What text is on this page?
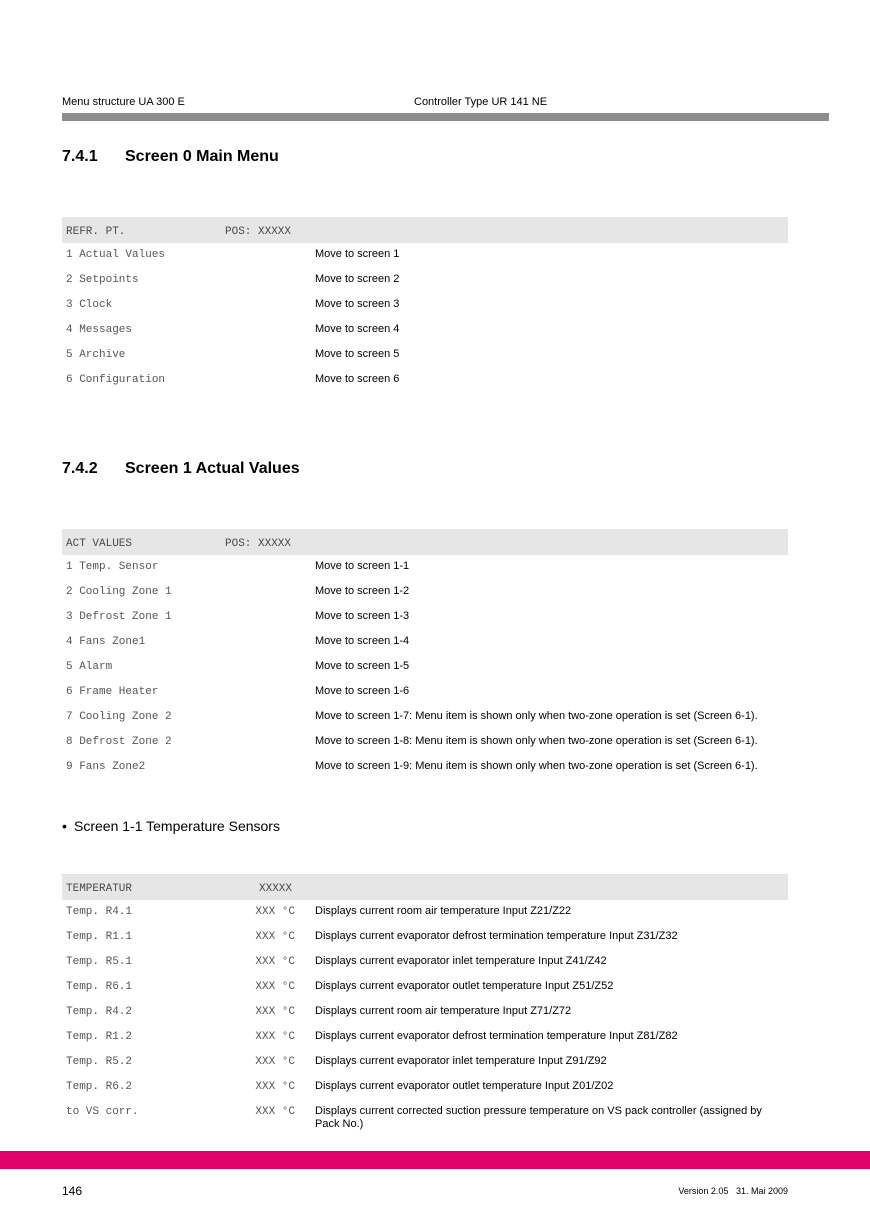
Menu structure UA 300 E	Controller Type UR 141 NE
7.4.1 Screen 0 Main Menu
REFR. PT.	POS: XXXXX
1 Actual Values	Move to screen 1
2 Setpoints	Move to screen 2
3 Clock	Move to screen 3
4 Messages	Move to screen 4
5 Archive	Move to screen 5
6 Configuration	Move to screen 6
7.4.2 Screen 1 Actual Values
ACT VALUES	POS: XXXXX
1 Temp. Sensor	Move to screen 1-1
2 Cooling Zone 1	Move to screen 1-2
3 Defrost Zone 1	Move to screen 1-3
4 Fans Zone1	Move to screen 1-4
5 Alarm	Move to screen 1-5
6 Frame Heater	Move to screen 1-6
7 Cooling Zone 2	Move to screen 1-7: Menu item is shown only when two-zone operation is set (Screen 6-1).
8 Defrost Zone 2	Move to screen 1-8: Menu item is shown only when two-zone operation is set (Screen 6-1).
9 Fans Zone2	Move to screen 1-9: Menu item is shown only when two-zone operation is set (Screen 6-1).
• Screen 1-1 Temperature Sensors
TEMPERATUR	XXXXX
Temp. R4.1	XXX °C Displays current room air temperature Input Z21/Z22
Temp. R1.1	XXX °C Displays current evaporator defrost termination temperature Input Z31/Z32
Temp. R5.1	XXX °C Displays current evaporator inlet temperature Input Z41/Z42
Temp. R6.1	XXX °C Displays current evaporator outlet temperature Input Z51/Z52
Temp. R4.2	XXX °C Displays current room air temperature Input Z71/Z72
Temp. R1.2	XXX °C Displays current evaporator defrost termination temperature Input Z81/Z82
Temp. R5.2	XXX °C Displays current evaporator inlet temperature Input Z91/Z92
Temp. R6.2	XXX °C Displays current evaporator outlet temperature Input Z01/Z02
to VS corr.	XXX °C Displays current corrected suction pressure temperature on VS pack controller (assigned by Pack No.)
146	Version 2.05 31. Mai 2009
